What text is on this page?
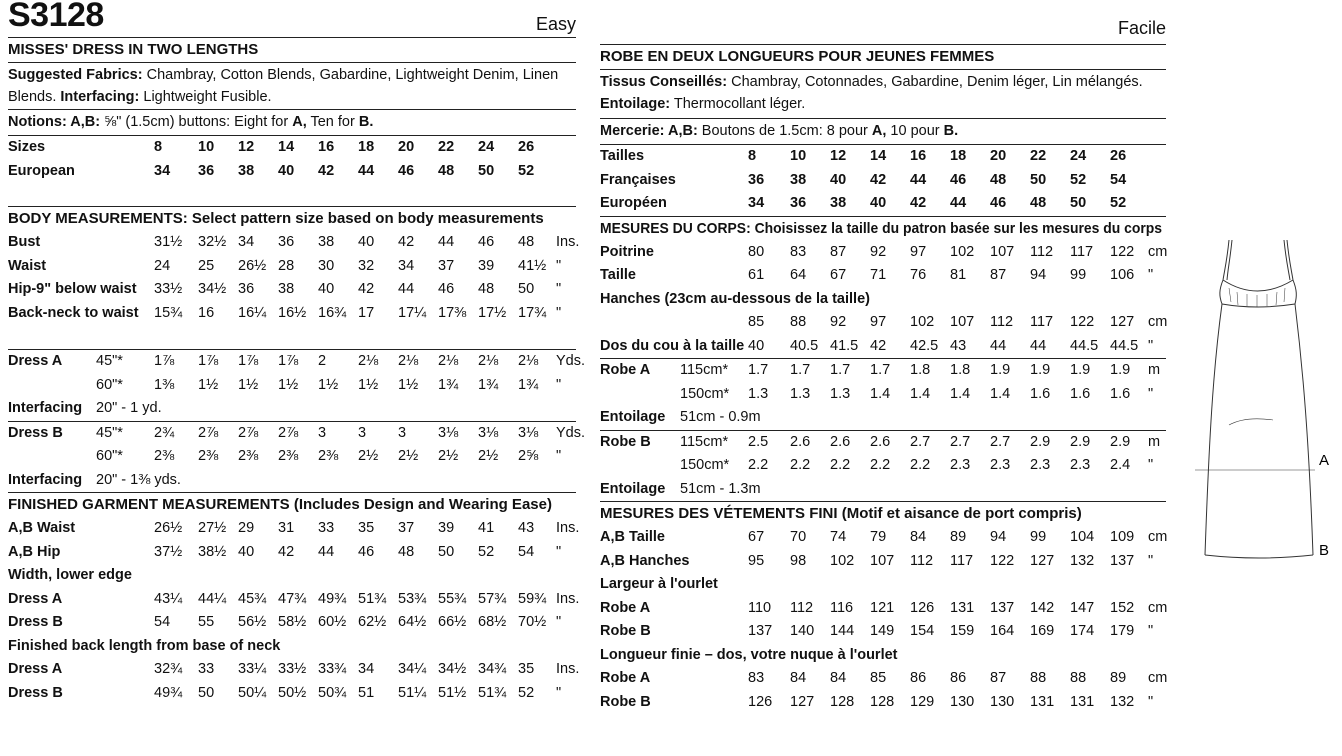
S3128	Easy
MISSES' DRESS IN TWO LENGTHS
Suggested Fabrics: Chambray, Cotton Blends, Gabardine, Lightweight Denim, Linen Blends. Interfacing: Lightweight Fusible.
Notions: A,B: ⅝" (1.5cm) buttons: Eight for A, Ten for B.
Sizes	8 10 12 14 16 18 20 22 24 26
European	34 36 38 40 42 44 46 48 50 52
BODY MEASUREMENTS: Select pattern size based on body measurements
Bust	31½ 32½ 34 36 38 40 42 44 46 48 Ins.
Waist	24 25 26½ 28 30 32 34 37 39 41½ "
Hip-9" below waist 33½ 34½ 36 38 40 42 44 46 48 50 "
Back-neck to waist 15¾ 16 16¼ 16½ 16¾ 17 17¼ 17⅜ 17½ 17¾ "
Dress A 45"* 1⅞ 1⅞ 1⅞ 1⅞ 2 2⅛ 2⅛ 2⅛ 2⅛ 2⅛ Yds.
60"* 1⅜ 1½ 1½ 1½ 1½ 1½ 1½ 1¾ 1¾ 1¾ "
Interfacing 20" - 1 yd.
Dress B 45"* 2¾ 2⅞ 2⅞ 2⅞ 3 3 3 3⅛ 3⅛ 3⅛ Yds.
60"* 2⅜ 2⅜ 2⅜ 2⅜ 2⅜ 2½ 2½ 2½ 2½ 2⅝ "
Interfacing 20" - 1⅜ yds.
FINISHED GARMENT MEASUREMENTS (Includes Design and Wearing Ease)
A,B Waist	26½ 27½ 29 31 33 35 37 39 41 43 Ins.
A,B Hip	37½ 38½ 40 42 44 46 48 50 52 54 "
Width, lower edge
Dress A	43¼ 44¼ 45¾ 47¾ 49¾ 51¾ 53¾ 55¾ 57¾ 59¾ Ins.
Dress B	54 55 56½ 58½ 60½ 62½ 64½ 66½ 68½ 70½ "
Finished back length from base of neck
Dress A	32¾ 33 33¼ 33½ 33¾ 34 34¼ 34½ 34¾ 35 Ins.
Dress B	49¾ 50 50¼ 50½ 50¾ 51 51¼ 51½ 51¾ 52 "
Facile
ROBE EN DEUX LONGUEURS POUR JEUNES FEMMES
Tissus Conseillés: Chambray, Cotonnades, Gabardine, Denim léger, Lin mélangés.
Entoilage: Thermocollant léger.
Mercerie: A,B: Boutons de 1.5cm: 8 pour A, 10 pour B.
Tailles	8 10 12 14 16 18 20 22 24 26
Françaises	36 38 40 42 44 46 48 50 52 54
Européen	34 36 38 40 42 44 46 48 50 52
MESURES DU CORPS: Choisissez la taille du patron basée sur les mesures du corps
Poitrine	80 83 87 92 97 102 107 112 117 122 cm
Taille	61 64 67 71 76 81 87 94 99 106 "
Hanches (23cm au-dessous de la taille)
85 88 92 97 102 107 112 117 122 127 cm
Dos du cou à la taille 40 40.5 41.5 42 42.5 43 44 44 44.5 44.5 "
Robe A 115cm* 1.7 1.7 1.7 1.7 1.8 1.8 1.9 1.9 1.9 1.9 m
150cm* 1.3 1.3 1.3 1.4 1.4 1.4 1.4 1.6 1.6 1.6 "
Entoilage 51cm - 0.9m
Robe B 115cm* 2.5 2.6 2.6 2.6 2.7 2.7 2.7 2.9 2.9 2.9 m
150cm* 2.2 2.2 2.2 2.2 2.2 2.3 2.3 2.3 2.3 2.4 "
Entoilage 51cm - 1.3m
MESURES DES VÉTEMENTS FINI (Motif et aisance de port compris)
A,B Taille	67 70 74 79 84 89 94 99 104 109 cm
A,B Hanches	95 98 102 107 112 117 122 127 132 137 "
Largeur à l'ourlet
Robe A	110 112 116 121 126 131 137 142 147 152 cm
Robe B	137 140 144 149 154 159 164 169 174 179 "
Longueur finie – dos, votre nuque à l'ourlet
Robe A	83 84 84 85 86 86 87 88 88 89 cm
Robe B	126 127 128 128 129 130 130 131 131 132 "
A
B
